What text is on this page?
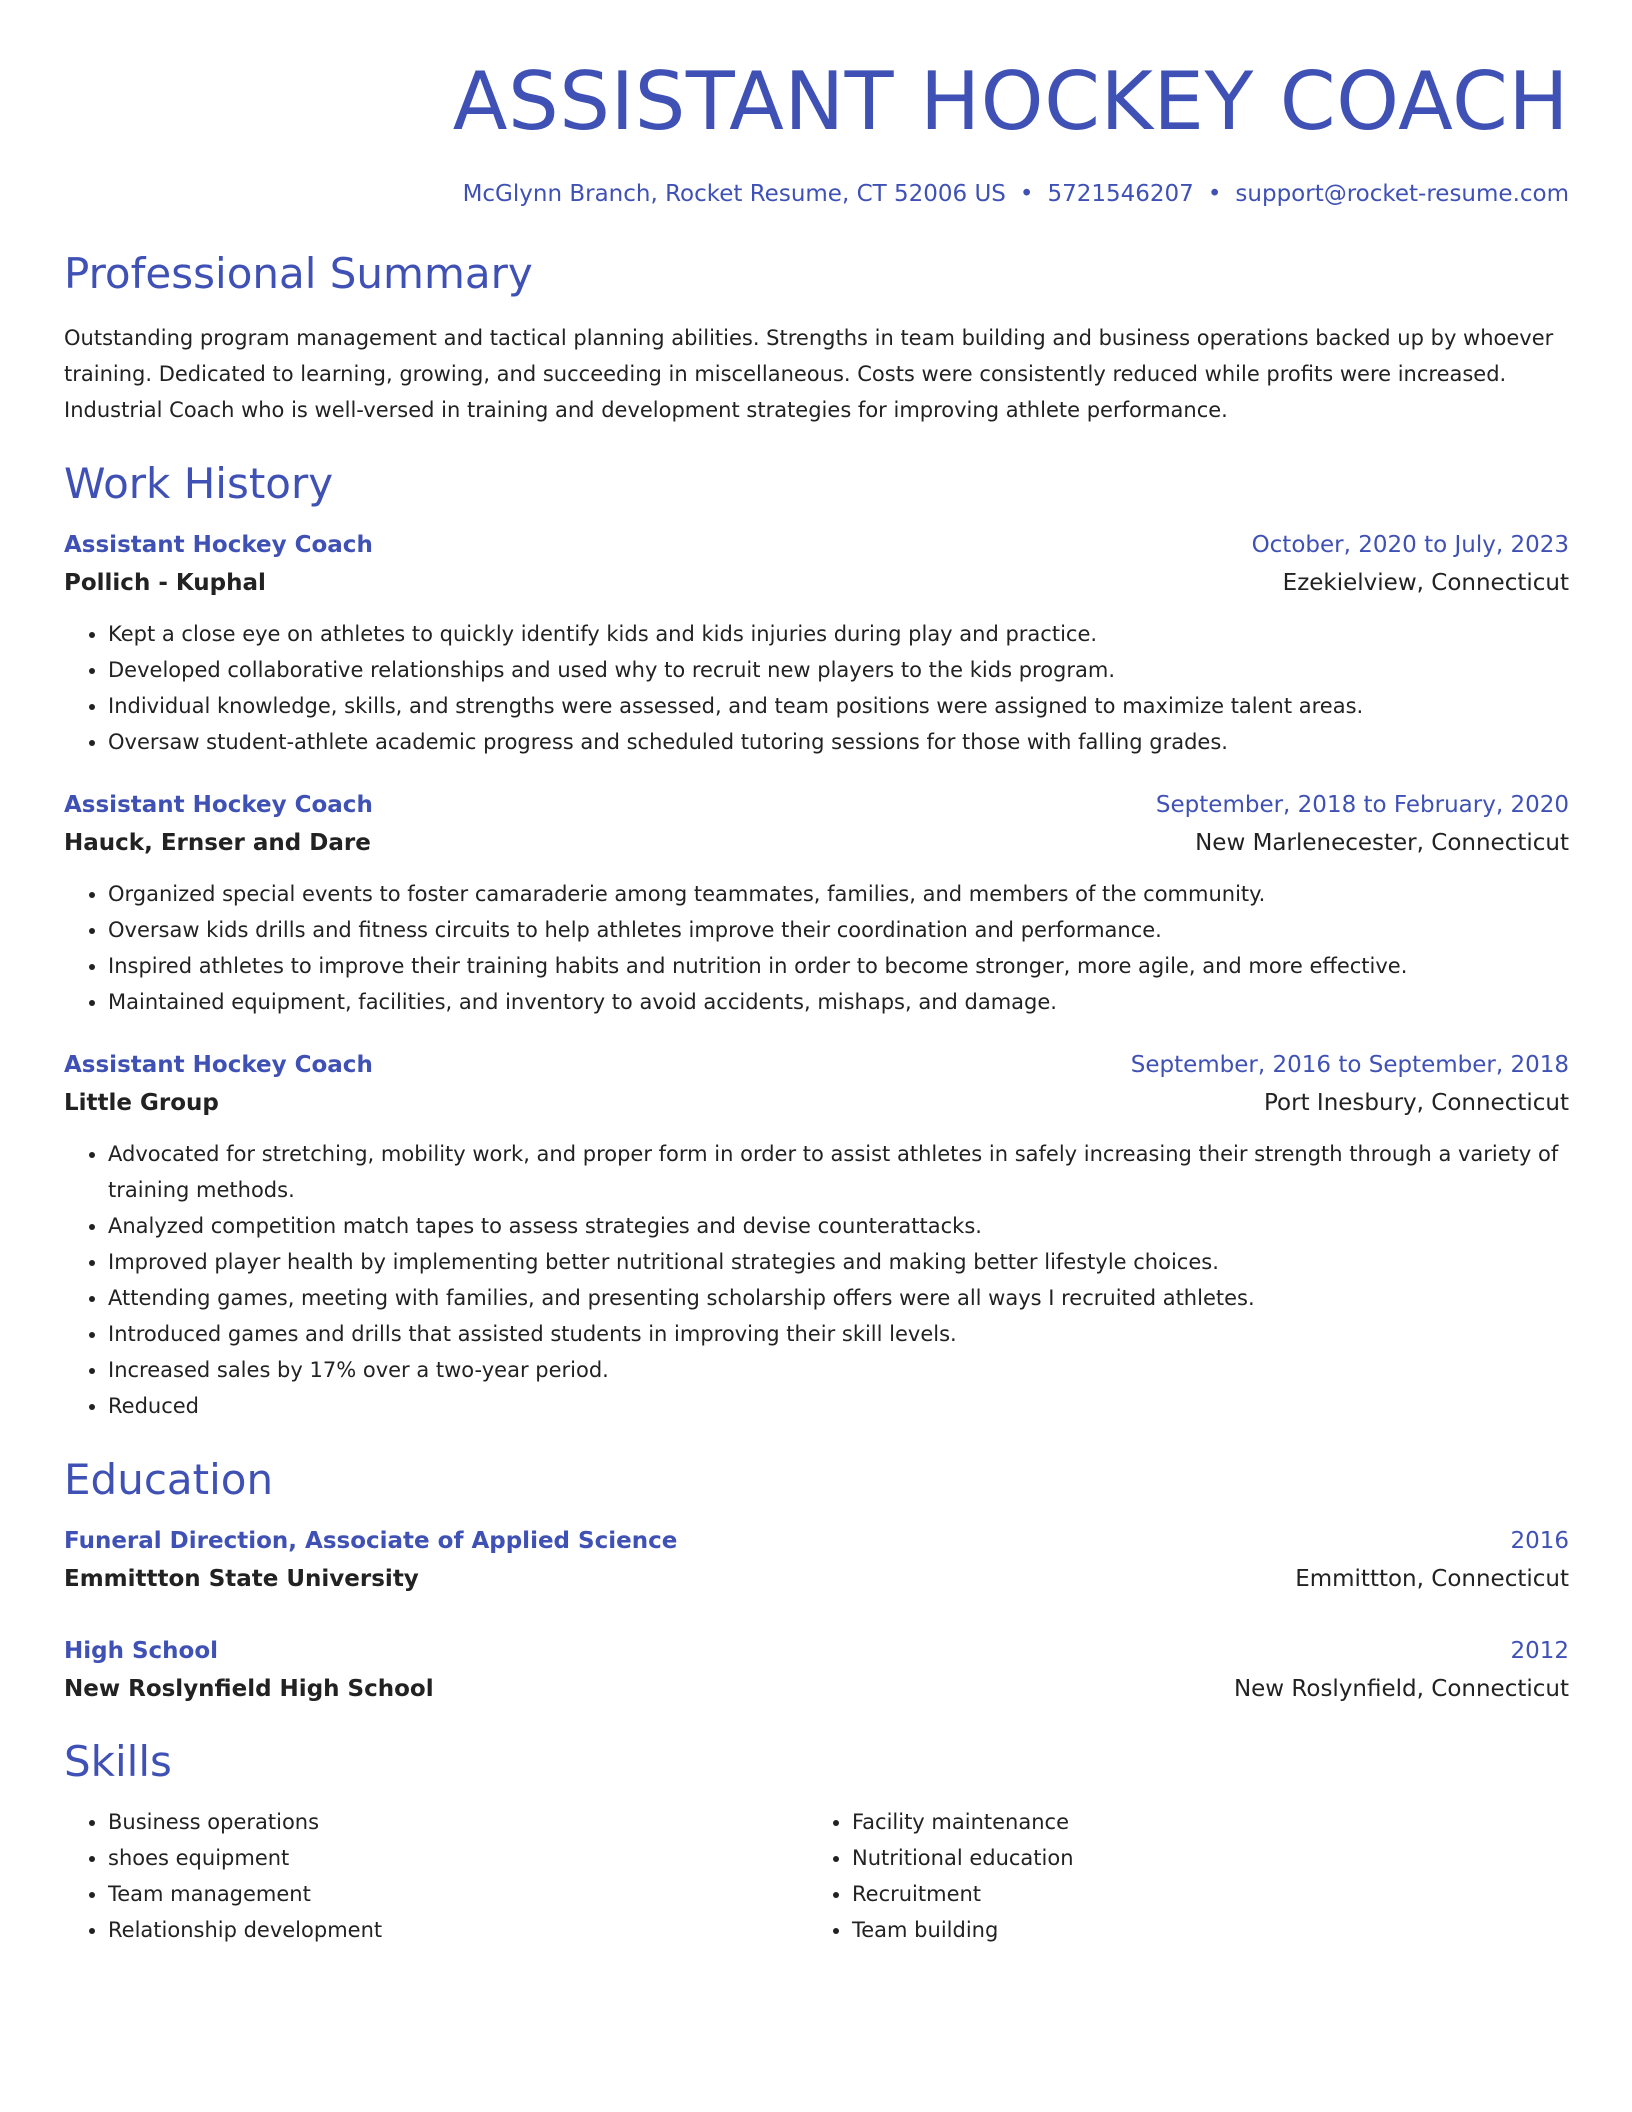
ASSISTANT HOCKEY COACH
McGlynn Branch, Rocket Resume, CT 52006 US • 5721546207 • support@rocket-resume.com
Professional Summary
Outstanding program management and tactical planning abilities. Strengths in team building and business operations backed up by whoever training. Dedicated to learning, growing, and succeeding in miscellaneous. Costs were consistently reduced while profits were increased. Industrial Coach who is well-versed in training and development strategies for improving athlete performance.
Work History
Assistant Hockey Coach	October, 2020 to July, 2023
Pollich - Kuphal	Ezekielview, Connecticut
• Kept a close eye on athletes to quickly identify kids and kids injuries during play and practice.
• Developed collaborative relationships and used why to recruit new players to the kids program.
• Individual knowledge, skills, and strengths were assessed, and team positions were assigned to maximize talent areas.
• Oversaw student-athlete academic progress and scheduled tutoring sessions for those with falling grades.
Assistant Hockey Coach	September, 2018 to February, 2020
Hauck, Ernser and Dare	New Marlenecester, Connecticut
• Organized special events to foster camaraderie among teammates, families, and members of the community.
• Oversaw kids drills and fitness circuits to help athletes improve their coordination and performance.
• Inspired athletes to improve their training habits and nutrition in order to become stronger, more agile, and more effective.
• Maintained equipment, facilities, and inventory to avoid accidents, mishaps, and damage.
Assistant Hockey Coach	September, 2016 to September, 2018
Little Group	Port Inesbury, Connecticut
• Advocated for stretching, mobility work, and proper form in order to assist athletes in safely increasing their strength through a variety of training methods.
• Analyzed competition match tapes to assess strategies and devise counterattacks.
• Improved player health by implementing better nutritional strategies and making better lifestyle choices.
• Attending games, meeting with families, and presenting scholarship offers were all ways I recruited athletes.
• Introduced games and drills that assisted students in improving their skill levels.
• Increased sales by 17% over a two-year period.
• Reduced
Education
Funeral Direction, Associate of Applied Science	2016
Emmittton State University	Emmittton, Connecticut
High School	2012
New Roslynfield High School	New Roslynfield, Connecticut
Skills
• Business operations
• shoes equipment
• Team management
• Relationship development
• Facility maintenance
• Nutritional education
• Recruitment
• Team building
